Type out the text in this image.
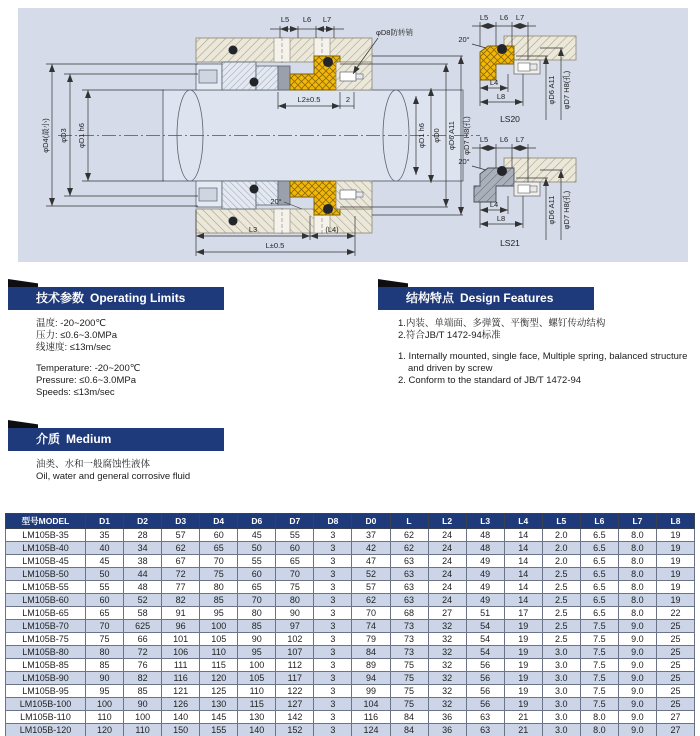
L5 L6 L7
φD8防转销
L2±0.5	2
φD1 h6
φD3
φD4(最小)	φD1 h6 φD0 φD6 A11 φD7 H8(孔)
L3	(L4)
L±0.5
20°
L5 L6 L7
20°
L4
L8	φD6 A11 φD7 H8(孔)
LS20
L5 L6 L7
20°
L4
L8	φD6 A11 φD7 H8(孔)
LS21
技术参数 Operating Limits
温度: -20~200℃
压力: ≤0.6~3.0MPa
线速度: ≤13m/sec
Temperature: -20~200℃
Pressure: ≤0.6~3.0MPa
Speeds: ≤13m/sec
结构特点 Design Features
1.内装、单端面、多弹簧、平衡型、螺钉传动结构
2.符合JB/T 1472-94标准
1. Internally mounted, single face, Multiple spring, balanced structure and driven by screw
2. Conform to the standard of JB/T 1472-94
介质 Medium
油类、水和一般腐蚀性液体
Oil, water and general corrosive fluid
型号MODEL	D1	D2	D3	D4	D6	D7	D8	D0	L	L2	L3	L4	L5	L6	L7	L8
LM105B-35	35	28	57	60	45	55	3	37	62	24	48	14	2.0	6.5	8.0	19
LM105B-40	40	34	62	65	50	60	3	42	62	24	48	14	2.0	6.5	8.0	19
LM105B-45	45	38	67	70	55	65	3	47	63	24	49	14	2.0	6.5	8.0	19
LM105B-50	50	44	72	75	60	70	3	52	63	24	49	14	2.5	6.5	8.0	19
LM105B-55	55	48	77	80	65	75	3	57	63	24	49	14	2.5	6.5	8.0	19
LM105B-60	60	52	82	85	70	80	3	62	63	24	49	14	2.5	6.5	8.0	19
LM105B-65	65	58	91	95	80	90	3	70	68	27	51	17	2.5	6.5	8.0	22
LM105B-70	70	625	96	100	85	97	3	74	73	32	54	19	2.5	7.5	9.0	25
LM105B-75	75	66	101	105	90	102	3	79	73	32	54	19	2.5	7.5	9.0	25
LM105B-80	80	72	106	110	95	107	3	84	73	32	54	19	3.0	7.5	9.0	25
LM105B-85	85	76	111	115	100	112	3	89	75	32	56	19	3.0	7.5	9.0	25
LM105B-90	90	82	116	120	105	117	3	94	75	32	56	19	3.0	7.5	9.0	25
LM105B-95	95	85	121	125	110	122	3	99	75	32	56	19	3.0	7.5	9.0	25
LM105B-100	100	90	126	130	115	127	3	104	75	32	56	19	3.0	7.5	9.0	25
LM105B-110	110	100	140	145	130	142	3	116	84	36	63	21	3.0	8.0	9.0	27
LM105B-120	120	110	150	155	140	152	3	124	84	36	63	21	3.0	8.0	9.0	27
